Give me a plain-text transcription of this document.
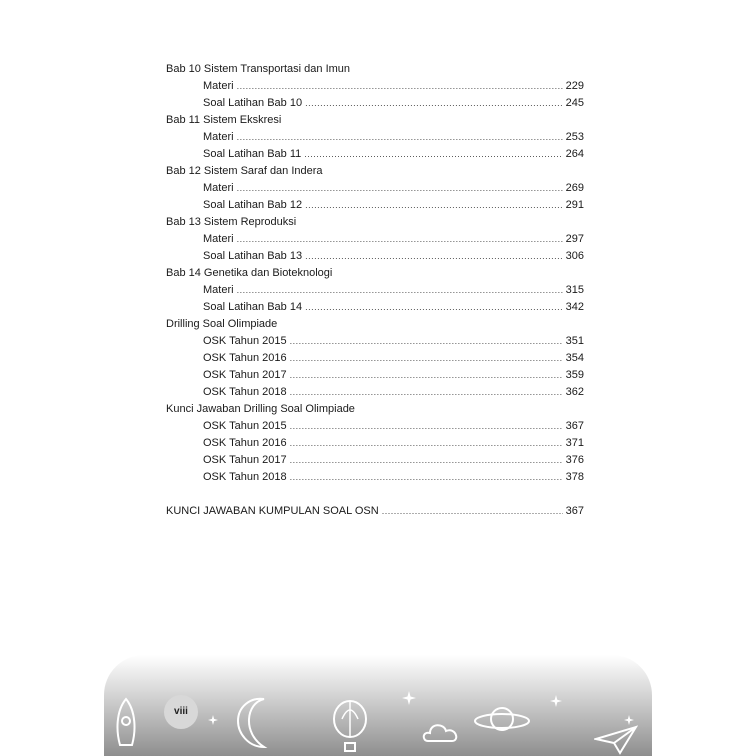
Bab 10 Sistem Transportasi dan Imun
Materi .....	229
Soal Latihan Bab 10 .....	245
Bab 11 Sistem Ekskresi
Materi .....	253
Soal Latihan Bab 11 .....	264
Bab 12 Sistem Saraf dan Indera
Materi .....	269
Soal Latihan Bab 12 .....	291
Bab 13 Sistem Reproduksi
Materi .....	297
Soal Latihan Bab 13 .....	306
Bab 14 Genetika dan Bioteknologi
Materi .....	315
Soal Latihan Bab 14 .....	342
Drilling Soal Olimpiade
OSK Tahun 2015 .....	351
OSK Tahun 2016 .....	354
OSK Tahun 2017 .....	359
OSK Tahun 2018 .....	362
Kunci Jawaban Drilling Soal Olimpiade
OSK Tahun 2015 .....	367
OSK Tahun 2016 .....	371
OSK Tahun 2017 .....	376
OSK Tahun 2018 .....	378
KUNCI JAWABAN KUMPULAN SOAL OSN .....	367
viii
